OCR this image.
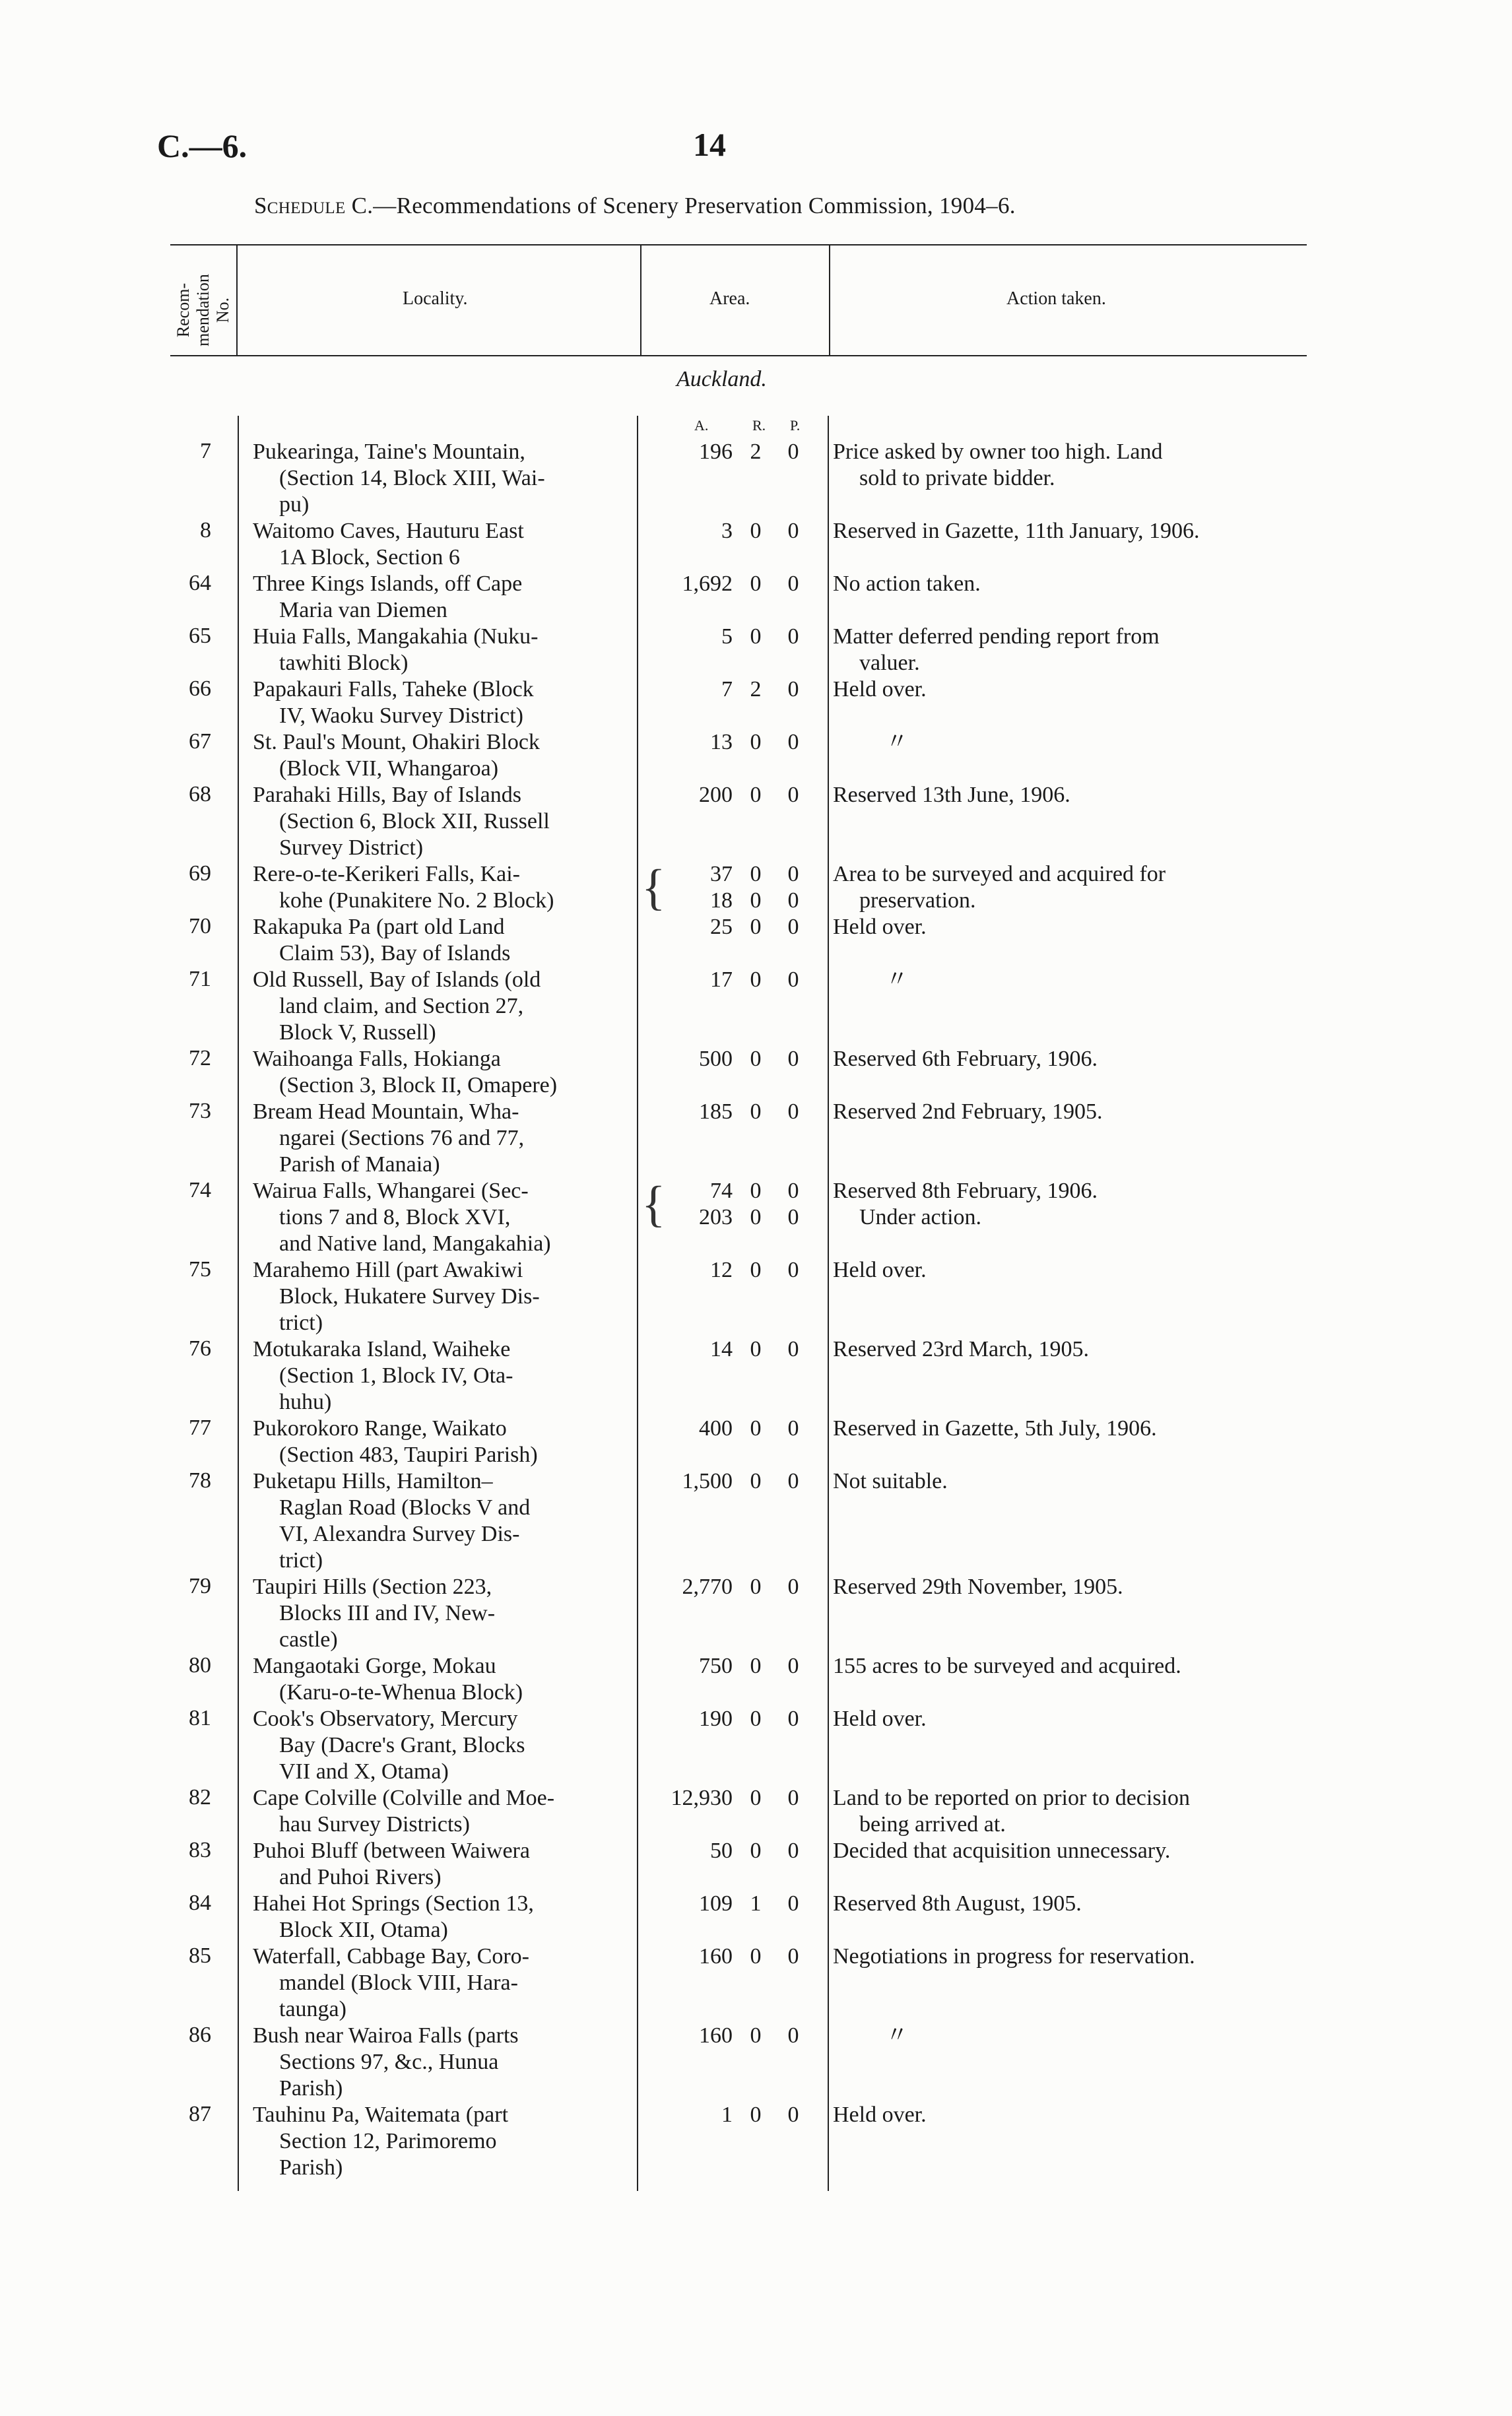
C.—6.	14
Schedule C.—Recommendations of Scenery Preservation Commission, 1904–6.
Recom-
mendation
No.	Locality.	Area.	Action taken.
Auckland.
A.	R. P.
7 Pukearinga, Taine's Mountain,
(Section 14, Block XIII, Wai-
pu)
196 2	0	Price asked by owner too high. Land
sold to private bidder.
8 Waitomo Caves, Hauturu East
1A Block, Section 6
3 0	0	Reserved in Gazette, 11th January, 1906.
64 Three Kings Islands, off Cape
Maria van Diemen
1,692 0	0	No action taken.
65 Huia Falls, Mangakahia (Nuku-
tawhiti Block)
5 0	0	Matter deferred pending report from
valuer.
66 Papakauri Falls, Taheke (Block
IV, Waoku Survey District)
7 2	0	Held over.
67 St. Paul's Mount, Ohakiri Block
(Block VII, Whangaroa)
13 0	0	〃
68 Parahaki Hills, Bay of Islands
(Section 6, Block XII, Russell
Survey District)
200 0	0	Reserved 13th June, 1906.
69 Rere-o-te-Kerikeri Falls, Kai-
kohe (Punakitere No. 2 Block)
37 0	0
18 0	0
{	Area to be surveyed and acquired for
preservation.
70 Rakapuka Pa (part old Land
Claim 53), Bay of Islands
25 0	0	Held over.
71 Old Russell, Bay of Islands (old
land claim, and Section 27,
Block V, Russell)
17 0	0	〃
72 Waihoanga Falls, Hokianga
(Section 3, Block II, Omapere)
500 0	0	Reserved 6th February, 1906.
73 Bream Head Mountain, Wha-
ngarei (Sections 76 and 77,
Parish of Manaia)
185 0	0	Reserved 2nd February, 1905.
74 Wairua Falls, Whangarei (Sec-
tions 7 and 8, Block XVI,
and Native land, Mangakahia)
74 0	0
203 0	0
{	Reserved 8th February, 1906.
Under action.
75 Marahemo Hill (part Awakiwi
Block, Hukatere Survey Dis-
trict)
12 0	0	Held over.
76 Motukaraka Island, Waiheke
(Section 1, Block IV, Ota-
huhu)
14 0	0	Reserved 23rd March, 1905.
77 Pukorokoro Range, Waikato
(Section 483, Taupiri Parish)
400 0	0	Reserved in Gazette, 5th July, 1906.
78 Puketapu Hills, Hamilton–
Raglan Road (Blocks V and
VI, Alexandra Survey Dis-
trict)
1,500 0	0	Not suitable.
79 Taupiri Hills (Section 223,
Blocks III and IV, New-
castle)
2,770 0	0	Reserved 29th November, 1905.
80 Mangaotaki Gorge, Mokau
(Karu-o-te-Whenua Block)
750 0	0	155 acres to be surveyed and acquired.
81 Cook's Observatory, Mercury
Bay (Dacre's Grant, Blocks
VII and X, Otama)
190 0	0	Held over.
82 Cape Colville (Colville and Moe-
hau Survey Districts)
12,930 0	0	Land to be reported on prior to decision
being arrived at.
83 Puhoi Bluff (between Waiwera
and Puhoi Rivers)
50 0	0	Decided that acquisition unnecessary.
84 Hahei Hot Springs (Section 13,
Block XII, Otama)
109 1	0	Reserved 8th August, 1905.
85 Waterfall, Cabbage Bay, Coro-
mandel (Block VIII, Hara-
taunga)
160 0	0	Negotiations in progress for reservation.
86 Bush near Wairoa Falls (parts
Sections 97, &c., Hunua
Parish)
160 0	0	〃
87 Tauhinu Pa, Waitemata (part
Section 12, Parimoremo
Parish)
1 0	0	Held over.
